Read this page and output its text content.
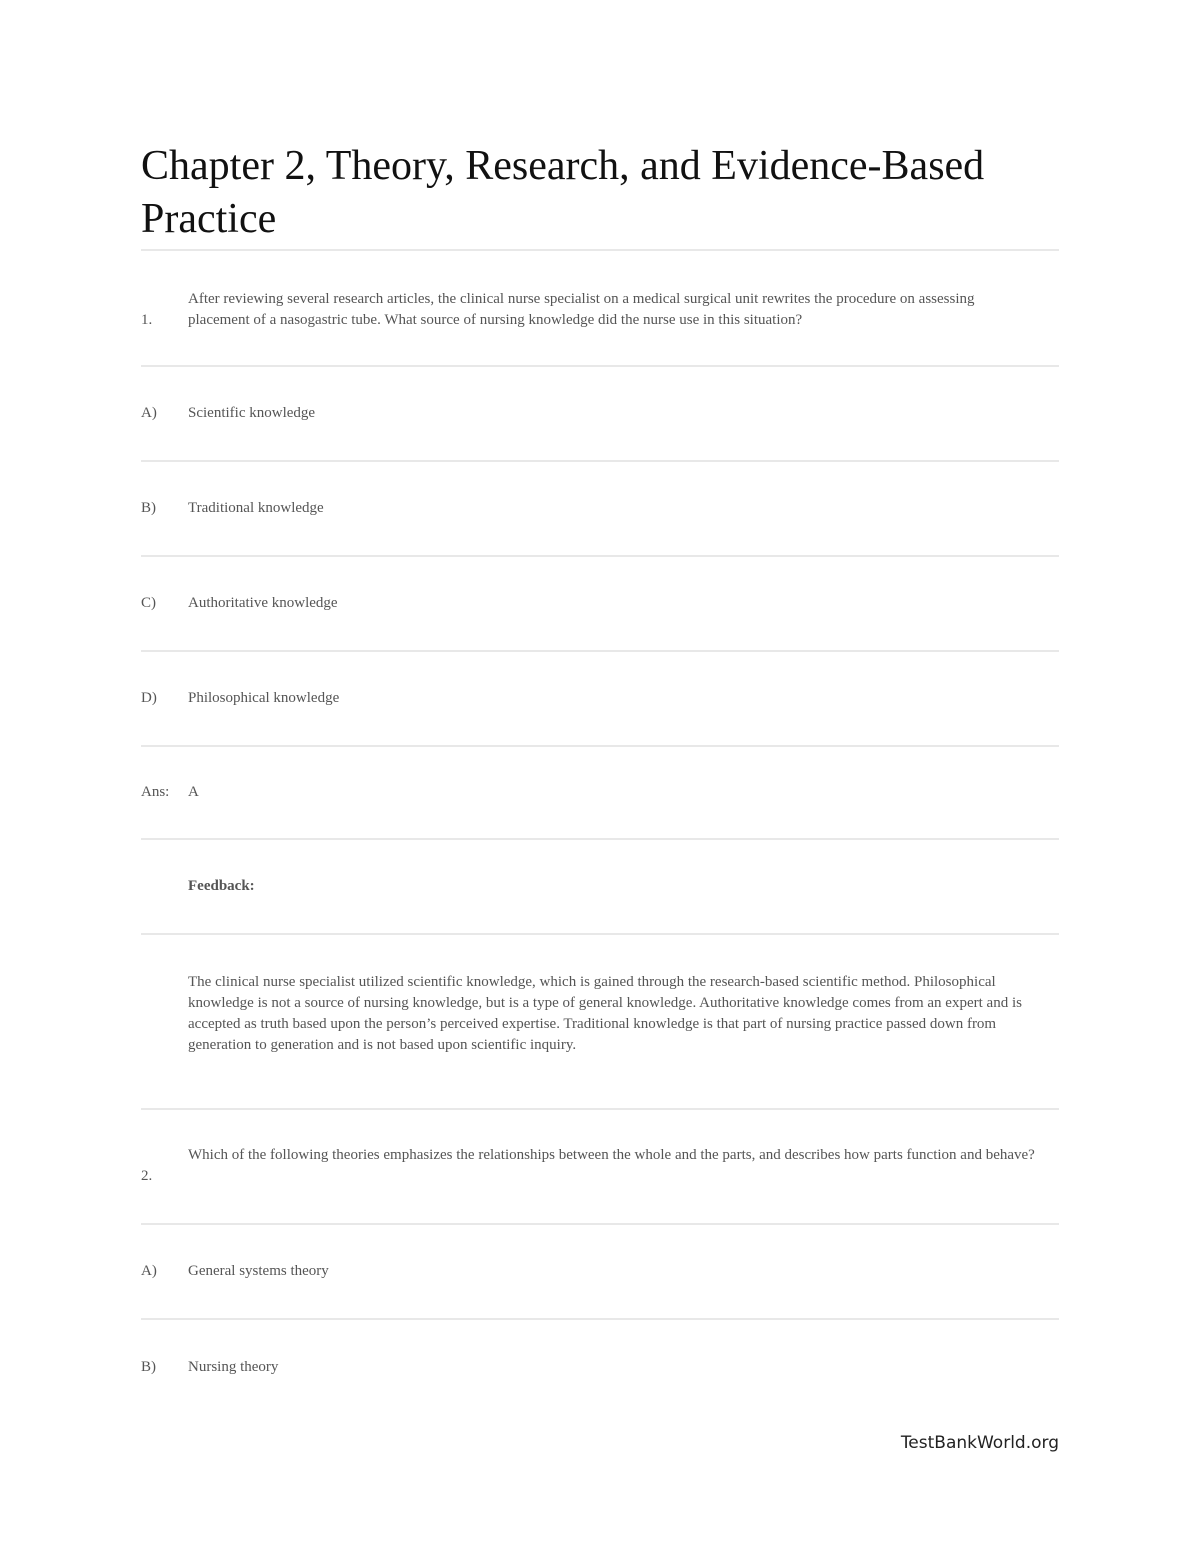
Chapter 2, Theory, Research, and Evidence-Based Practice
1.
After reviewing several research articles, the clinical nurse specialist on a medical surgical unit rewrites the procedure on assessing placement of a nasogastric tube. What source of nursing knowledge did the nurse use in this situation?
A)	Scientific knowledge
B)	Traditional knowledge
C)	Authoritative knowledge
D)	Philosophical knowledge
Ans:	A
Feedback:
The clinical nurse specialist utilized scientific knowledge, which is gained through the research-based scientific method. Philosophical knowledge is not a source of nursing knowledge, but is a type of general knowledge. Authoritative knowledge comes from an expert and is accepted as truth based upon the person’s perceived expertise. Traditional knowledge is that part of nursing practice passed down from generation to generation and is not based upon scientific inquiry.
2.
Which of the following theories emphasizes the relationships between the whole and the parts, and describes how parts function and behave?
A)	General systems theory
B)	Nursing theory
TestBankWorld.org
